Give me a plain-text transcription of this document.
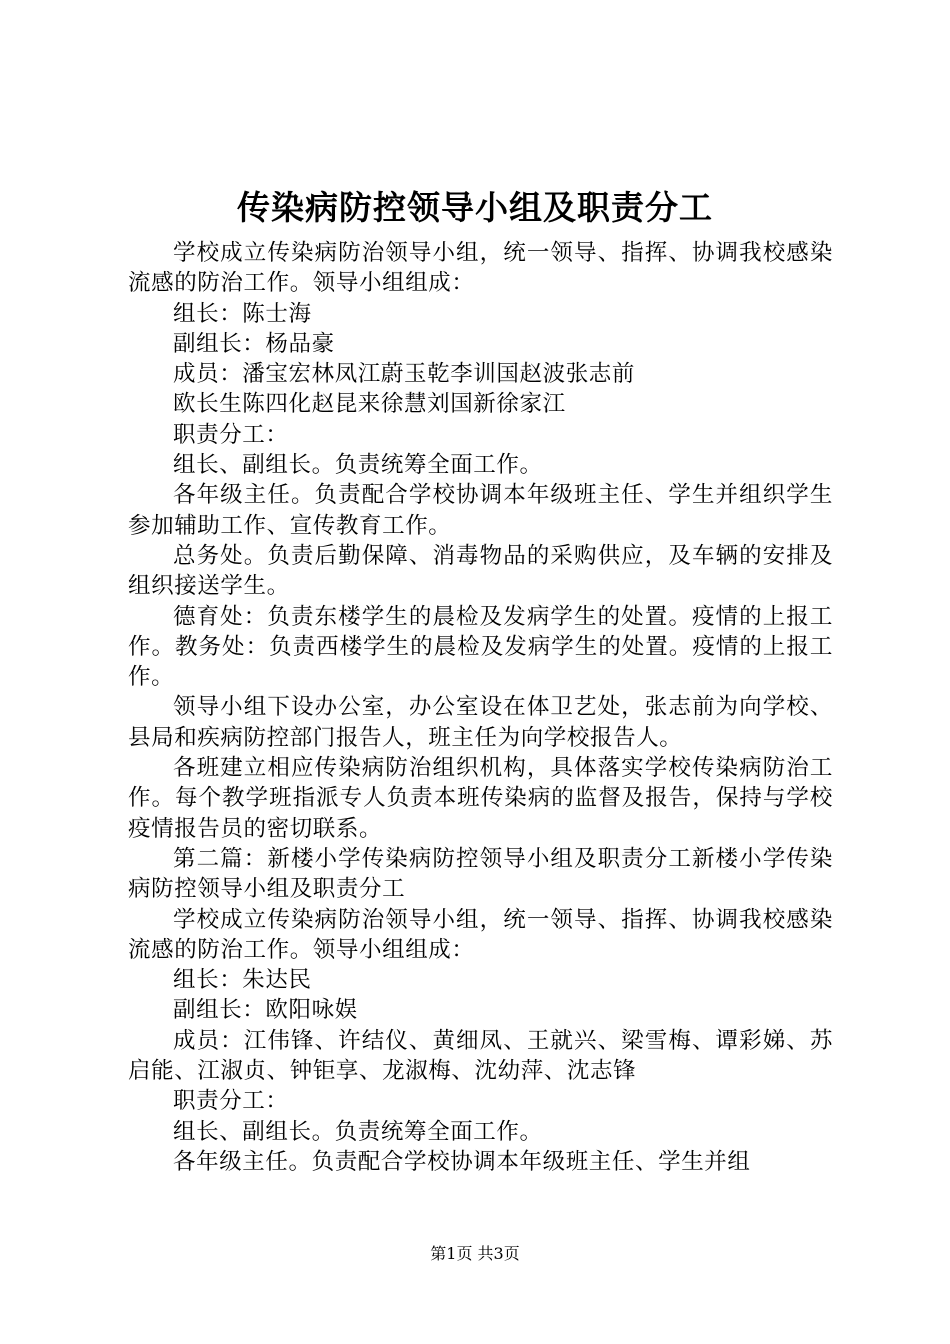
传染病防控领导小组及职责分工

学校成立传染病防治领导小组，统一领导、指挥、协调我校感染流感的防治工作。领导小组组成：

组长：陈士海

副组长：杨品豪

成员：潘宝宏林凤江蔚玉乾李训国赵波张志前

欧长生陈四化赵昆来徐慧刘国新徐家江

职责分工：

组长、副组长。负责统筹全面工作。

各年级主任。负责配合学校协调本年级班主任、学生并组织学生参加辅助工作、宣传教育工作。

总务处。负责后勤保障、消毒物品的采购供应，及车辆的安排及组织接送学生。

德育处：负责东楼学生的晨检及发病学生的处置。疫情的上报工作。教务处：负责西楼学生的晨检及发病学生的处置。疫情的上报工作。

领导小组下设办公室，办公室设在体卫艺处，张志前为向学校、县局和疾病防控部门报告人，班主任为向学校报告人。

各班建立相应传染病防治组织机构，具体落实学校传染病防治工作。每个教学班指派专人负责本班传染病的监督及报告，保持与学校疫情报告员的密切联系。

第二篇：新楼小学传染病防控领导小组及职责分工新楼小学传染病防控领导小组及职责分工

学校成立传染病防治领导小组，统一领导、指挥、协调我校感染流感的防治工作。领导小组组成：

组长：朱达民

副组长：欧阳咏娱

成员：江伟锋、许结仪、黄细凤、王就兴、梁雪梅、谭彩娣、苏启能、江淑贞、钟钜享、龙淑梅、沈幼萍、沈志锋

职责分工：

组长、副组长。负责统筹全面工作。

各年级主任。负责配合学校协调本年级班主任、学生并组

第1页 共3页
